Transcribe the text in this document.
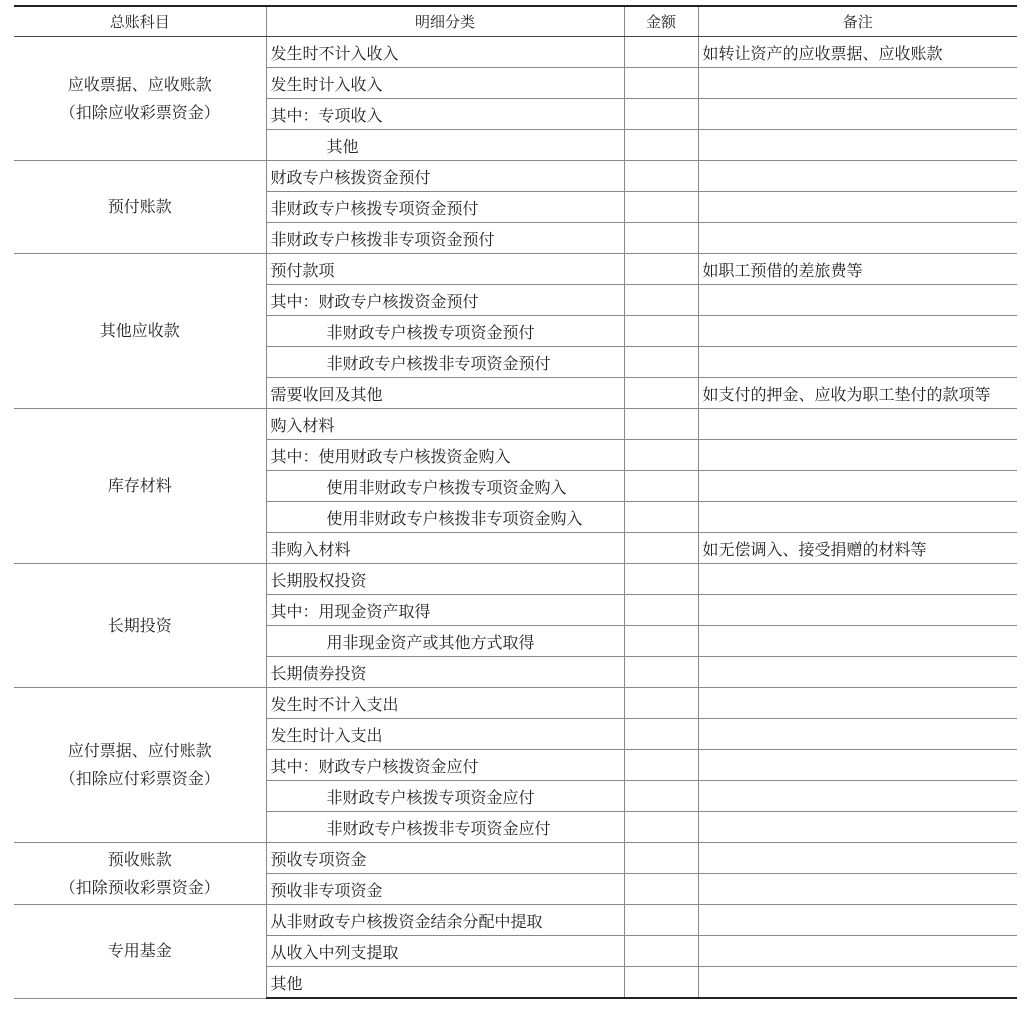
总账科目	明细分类	金额	备注

应收票据、应收账款
（扣除应收彩票资金）	发生时不计入收入		如转让资产的应收票据、应收账款
	发生时计入收入		
	其中：专项收入		
	其他		

预付账款	财政专户核拨资金预付		
	非财政专户核拨专项资金预付		
	非财政专户核拨非专项资金预付		

其他应收款	预付款项		如职工预借的差旅费等
	其中：财政专户核拨资金预付		
	非财政专户核拨专项资金预付		
	非财政专户核拨非专项资金预付		
	需要收回及其他		如支付的押金、应收为职工垫付的款项等

库存材料	购入材料		
	其中：使用财政专户核拨资金购入		
	使用非财政专户核拨专项资金购入		
	使用非财政专户核拨非专项资金购入		
	非购入材料		如无偿调入、接受捐赠的材料等

长期投资	长期股权投资		
	其中：用现金资产取得		
	用非现金资产或其他方式取得		
	长期债券投资		

应付票据、应付账款
（扣除应付彩票资金）	发生时不计入支出		
	发生时计入支出		
	其中：财政专户核拨资金应付		
	非财政专户核拨专项资金应付		
	非财政专户核拨非专项资金应付		

预收账款
（扣除预收彩票资金）	预收专项资金		
	预收非专项资金		

专用基金	从非财政专户核拨资金结余分配中提取		
	从收入中列支提取		
	其他		
